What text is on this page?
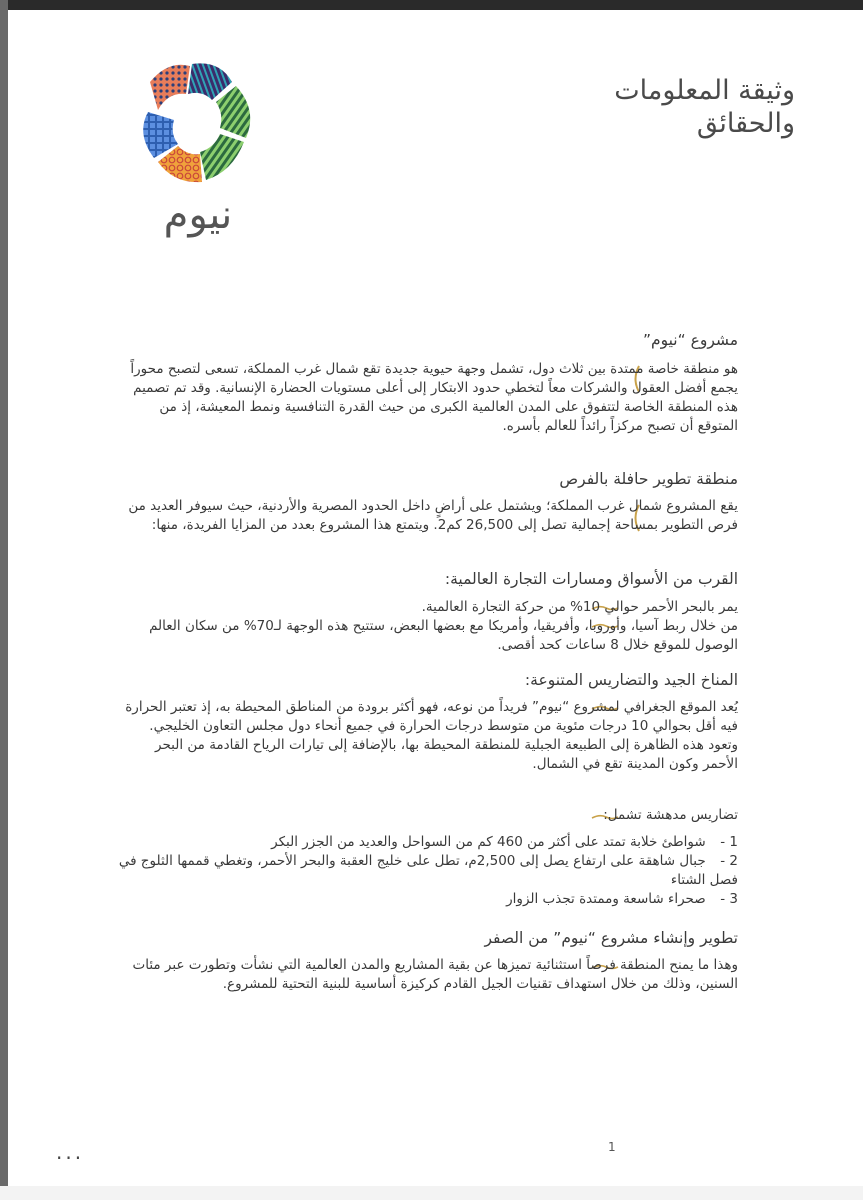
وثيقة المعلومات
والحقائق
نيوم

مشروع “نيوم”

هو منطقة خاصة ممتدة بين ثلاث دول، تشمل وجهة حيوية جديدة تقع شمال غرب المملكة، تسعى لتصبح محوراً يجمع أفضل العقول والشركات معاً لتخطي حدود الابتكار إلى أعلى مستويات الحضارة الإنسانية. وقد تم تصميم هذه المنطقة الخاصة لتتفوق على المدن العالمية الكبرى من حيث القدرة التنافسية ونمط المعيشة، إذ من المتوقع أن تصبح مركزاً رائداً للعالم بأسره.

منطقة تطوير حافلة بالفرص

يقع المشروع شمال غرب المملكة؛ ويشتمل على أراضٍ داخل الحدود المصرية والأردنية، حيث سيوفر العديد من فرص التطوير بمساحة إجمالية تصل إلى 26,500 كم2. ويتمتع هذا المشروع بعدد من المزايا الفريدة، منها:

القرب من الأسواق ومسارات التجارة العالمية:

يمر بالبحر الأحمر حوالي 10% من حركة التجارة العالمية.

من خلال ربط آسيا، وأوروبا، وأفريقيا، وأمريكا مع بعضها البعض، ستتيح هذه الوجهة لـ70% من سكان العالم الوصول للموقع خلال 8 ساعات كحد أقصى.

المناخ الجيد والتضاريس المتنوعة:

يُعد الموقع الجغرافي لمشروع “نيوم” فريداً من نوعه، فهو أكثر برودة من المناطق المحيطة به، إذ تعتبر الحرارة فيه أقل بحوالي 10 درجات مئوية من متوسط درجات الحرارة في جميع أنحاء دول مجلس التعاون الخليجي. وتعود هذه الظاهرة إلى الطبيعة الجبلية للمنطقة المحيطة بها، بالإضافة إلى تيارات الرياح القادمة من البحر الأحمر وكون المدينة تقع في الشمال.

تضاريس مدهشة تشمل:

1 - شواطئ خلابة تمتد على أكثر من 460 كم من السواحل والعديد من الجزر البكر
2 - جبال شاهقة على ارتفاع يصل إلى 2,500م، تطل على خليج العقبة والبحر الأحمر، وتغطي قممها الثلوج في فصل الشتاء
3 - صحراء شاسعة وممتدة تجذب الزوار

تطوير وإنشاء مشروع “نيوم” من الصفر

وهذا ما يمنح المنطقة فرصاً استثنائية تميزها عن بقية المشاريع والمدن العالمية التي نشأت وتطورت عبر مئات السنين، وذلك من خلال استهداف تقنيات الجيل القادم كركيزة أساسية للبنية التحتية للمشروع.

1
...
